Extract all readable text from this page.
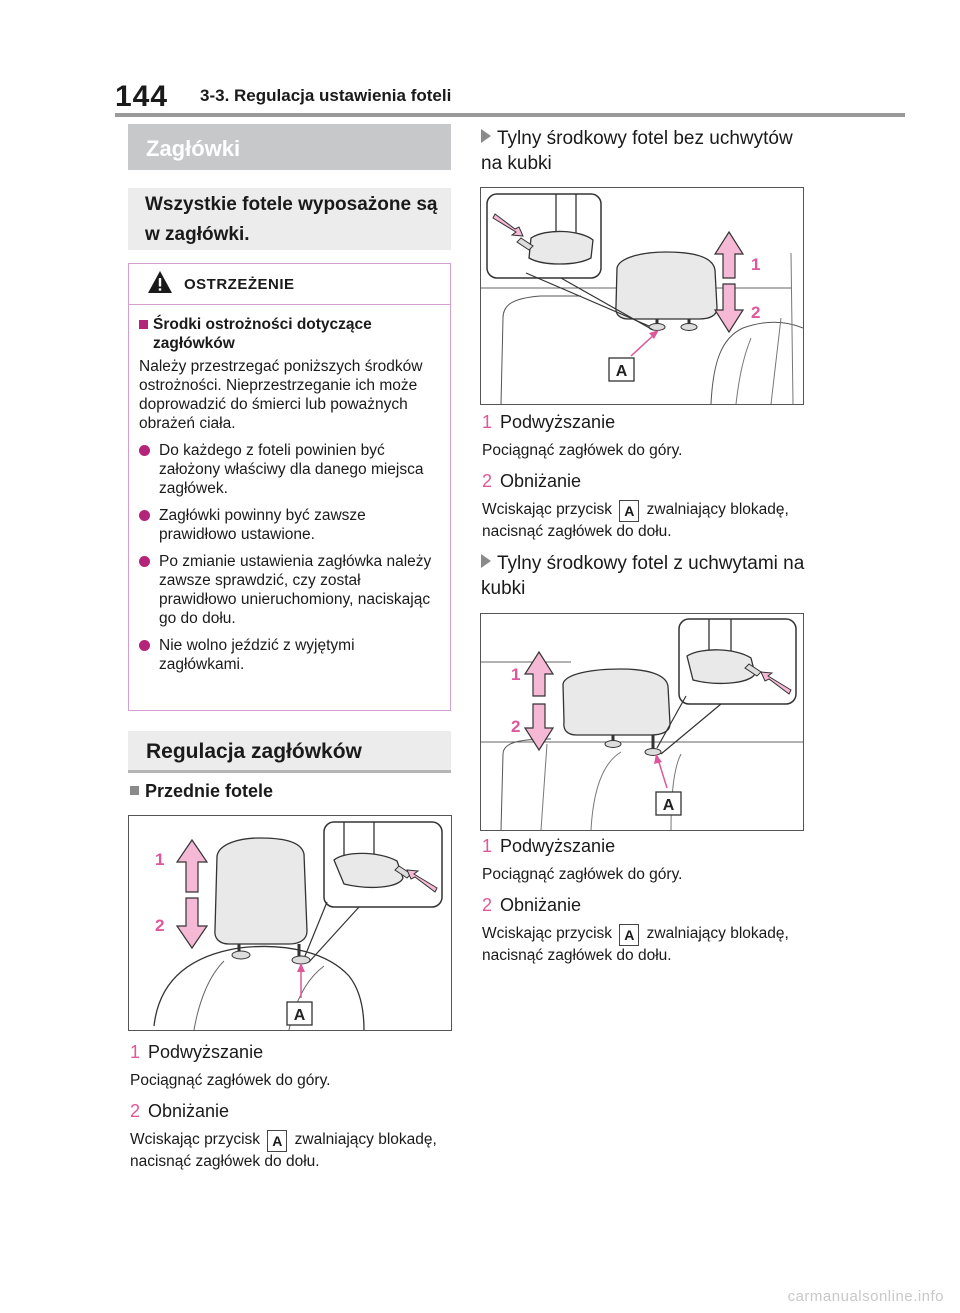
144 3-3. Regulacja ustawienia foteli
Zagłówki
Wszystkie fotele wyposażone są w zagłówki.
OSTRZEŻENIE
Środki ostrożności dotyczące zagłówków
Należy przestrzegać poniższych środków ostrożności. Nieprzestrzeganie ich może doprowadzić do śmierci lub poważnych obrażeń ciała.
Do każdego z foteli powinien być założony właściwy dla danego miejsca zagłówek.
Zagłówki powinny być zawsze prawidłowo ustawione.
Po zmianie ustawienia zagłówka należy zawsze sprawdzić, czy został prawidłowo unieruchomiony, naciskając go do dołu.
Nie wolno jeździć z wyjętymi zagłówkami.
Regulacja zagłówków
Przednie fotele
1
2
A
1 Podwyższanie
Pociągnąć zagłówek do góry.
2 Obniżanie
Wciskając przycisk A zwalniający blokadę, nacisnąć zagłówek do dołu.
Tylny środkowy fotel bez uchwytów na kubki
1
2
A
1 Podwyższanie
Pociągnąć zagłówek do góry.
2 Obniżanie
Wciskając przycisk A zwalniający blokadę, nacisnąć zagłówek do dołu.
Tylny środkowy fotel z uchwytami na kubki
1
2
A
1 Podwyższanie
Pociągnąć zagłówek do góry.
2 Obniżanie
Wciskając przycisk A zwalniający blokadę, nacisnąć zagłówek do dołu.
carmanualsonline.info
